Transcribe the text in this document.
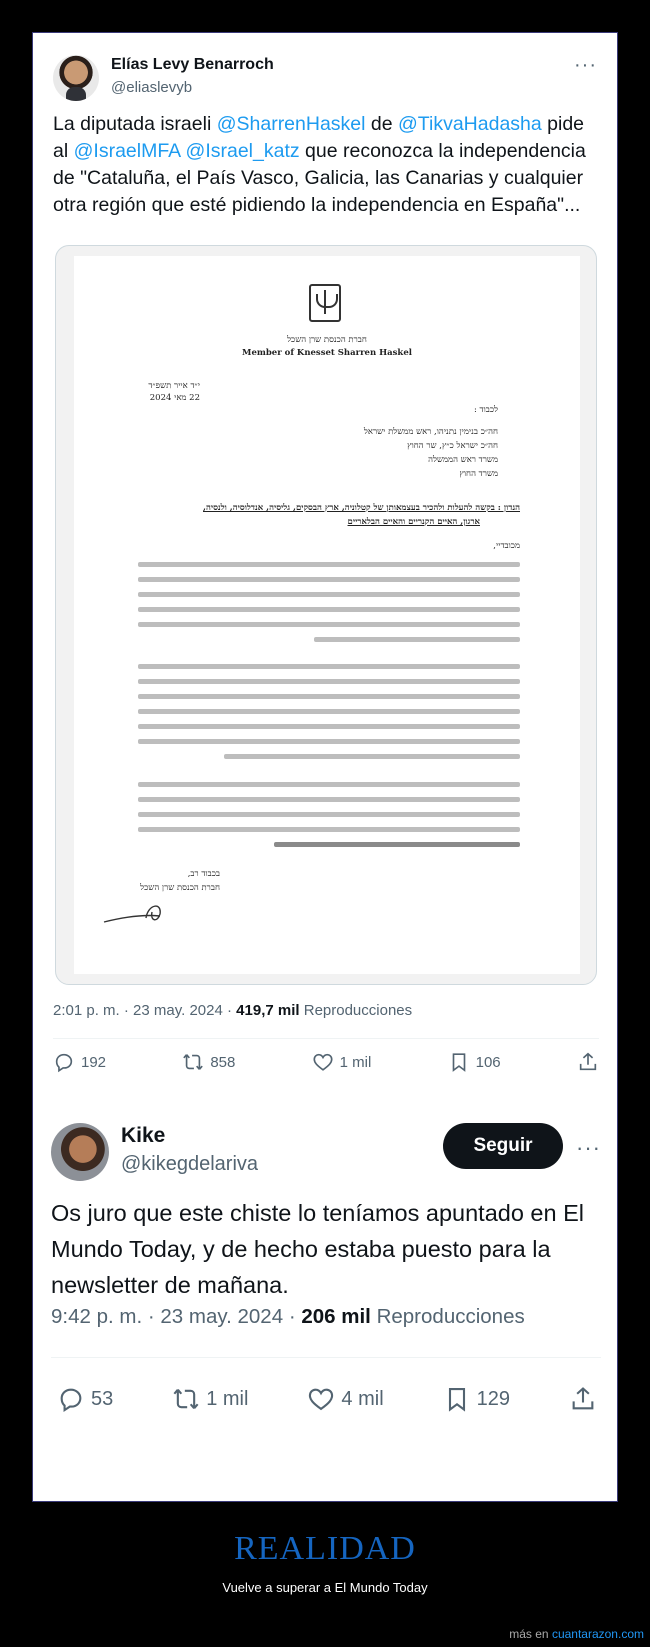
Elías Levy Benarroch
@eliaslevyb
···
La diputada israeli @SharrenHaskel de @TikvaHadasha pide al @IsraelMFA @Israel_katz que reconozca la independencia de "Cataluña, el País Vasco, Galicia, las Canarias y cualquier otra región que esté pidiendo la independencia en España"...
חברת הכנסת שרן השכל
Member of Knesset Sharren Haskel
י״ד אייר תשפ״ד
22 מאי 2024
לכבוד :
חה״כ בנימין נתניהו, ראש ממשלת ישראל
חה״כ ישראל כ״ץ, שר החוץ
משרד ראש הממשלה
משרד החוץ
הנדון : בקשה להעלות ולהכיר בעצמאותן של קטלוניה, ארץ הבסקים, גליסיה, אנדלוסיה, ולנסיה,
ארגון, האיים הקנריים והאיים הבלאריים
מכובדיי,
בכבוד רב,
חברת הכנסת שרן השכל
2:01 p. m. · 23 may. 2024 · 419,7 mil Reproducciones
192	858	1 mil	106
Kike
@kikegdelariva
Seguir	···
Os juro que este chiste lo teníamos apuntado en El Mundo Today, y de hecho estaba puesto para la newsletter de mañana.
9:42 p. m. · 23 may. 2024 · 206 mil Reproducciones
53	1 mil	4 mil	129
REALIDAD
Vuelve a superar a El Mundo Today
más en cuantarazon.com
